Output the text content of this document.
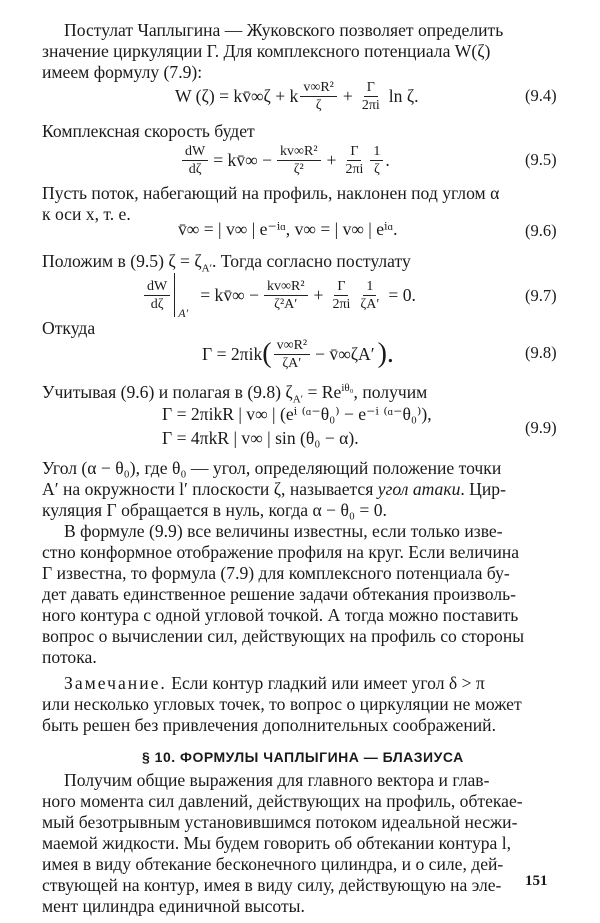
Постулат Чаплыгина — Жуковского позволяет определить
значение циркуляции Γ. Для комплексного потенциала W(ζ)
имеем формулу (7.9):
W (ζ) = kv̄∞ζ + k $\frac{\text{v∞R²}}{\zeta} + \frac{\Gamma}{2\pi i}$ ln ζ.	(9.4)
Комплексная скорость будет
$\frac{dW}{d\zeta}$ = kv̄∞ − $\frac{\text{kv∞R²}}{\text{ζ²}} + \frac{\Gamma}{2\pi i} \frac{1}{\zeta}$ .	(9.5)
Пусть поток, набегающий на профиль, наклонен под углом α
к оси x, т. е.
v̄∞ = | v∞ | e⁻ⁱᵅ, v∞ = | v∞ | eⁱᵅ.	(9.6)
Положим в (9.5) $\zeta = \zeta_{A'}$. Тогда согласно постулату
$\frac{dW}{d\zeta}$
A′
= kv̄∞ − $\frac{\text{kv∞R²}}{\text{ζ²A′}} + \frac{\Gamma}{2\pi i} \frac{1}{\zeta A'} = 0$.	(9.7)
Откуда
Γ = 2πik ( $\frac{\text{v∞R²}}{\zeta A'}$ − v̄∞ζA′ ).	(9.8)
Учитывая (9.6) и полагая в (9.8) $\zeta_{A'} = Re^{i\theta_0}$, получим
Γ = 2πikR | v∞ | (eⁱ ⁽ᵅ⁻θ₀⁾ − e⁻ⁱ ⁽ᵅ⁻θ₀⁾),
Γ = 4πkR | v∞ | sin (θ₀ − α).
(9.9)
Угол (α − θ₀), где θ₀ — угол, определяющий положение точки
A′ на окружности l′ плоскости ζ, называется угол атаки. Цир-
куляция Γ обращается в нуль, когда α − θ₀ = 0.
В формуле (9.9) все величины известны, если только изве-
стно конформное отображение профиля на круг. Если величина
Γ известна, то формула (7.9) для комплексного потенциала бу-
дет давать единственное решение задачи обтекания произволь-
ного контура с одной угловой точкой. А тогда можно поставить
вопрос о вычислении сил, действующих на профиль со стороны
потока.
Замечание. Если контур гладкий или имеет угол δ > π
или несколько угловых точек, то вопрос о циркуляции не может
быть решен без привлечения дополнительных соображений.
§ 10. ФОРМУЛЫ ЧАПЛЫГИНА — БЛАЗИУСА
Получим общие выражения для главного вектора и глав-
ного момента сил давлений, действующих на профиль, обтекае-
мый безотрывным установившимся потоком идеальной несжи-
маемой жидкости. Мы будем говорить об обтекании контура l,
имея в виду обтекание бесконечного цилиндра, и о силе, дей-
ствующей на контур, имея в виду силу, действующую на эле-
мент цилиндра единичной высоты.
151
